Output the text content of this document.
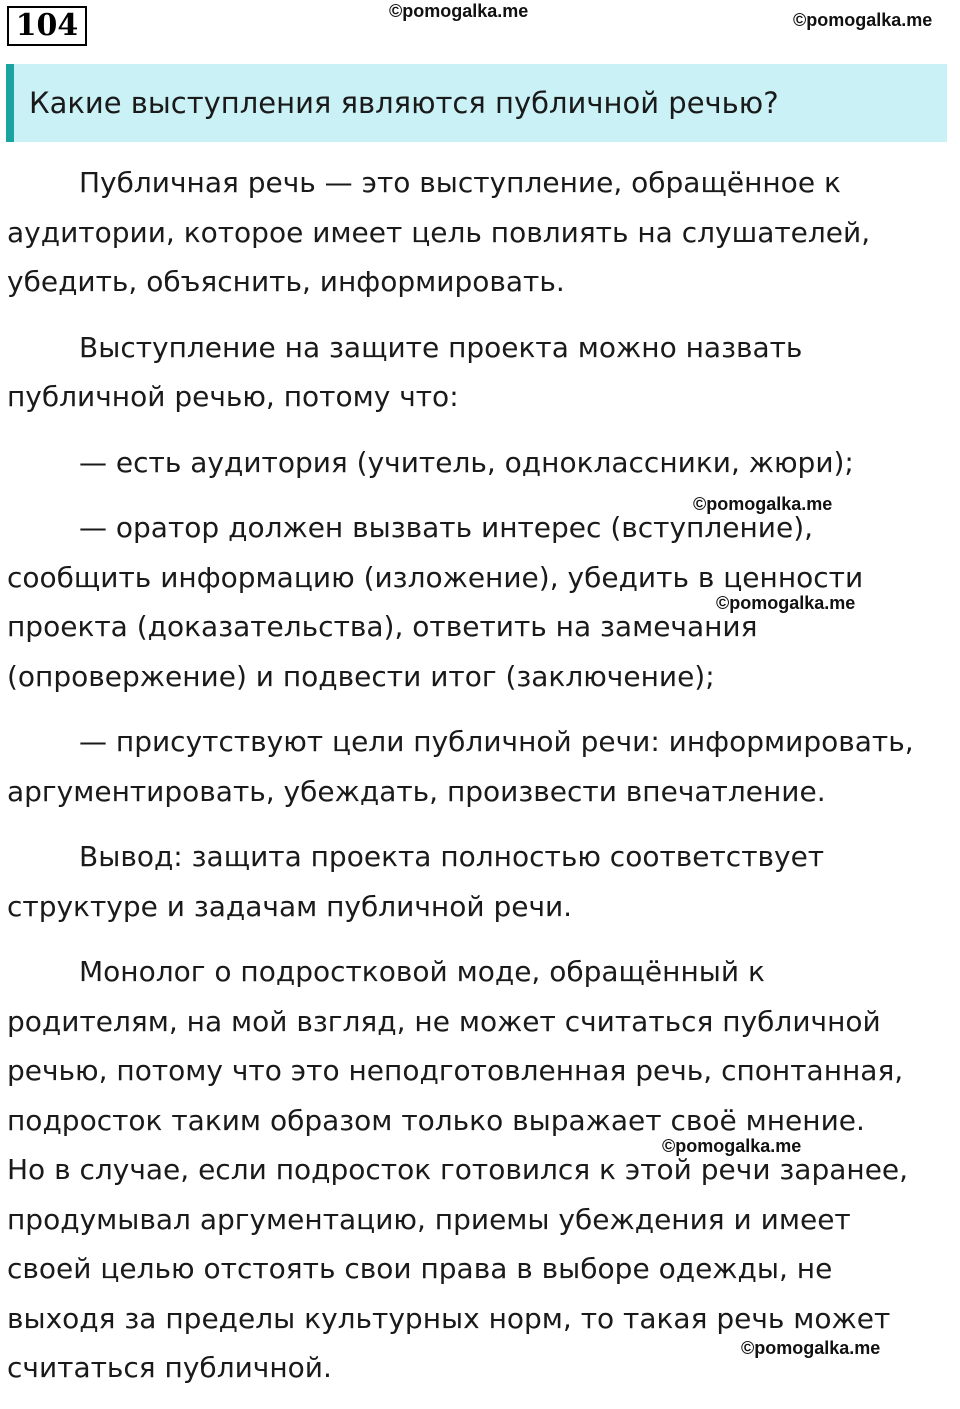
104	©pomogalka.me	©pomogalka.me
Какие выступления являются публичной речью?

Публичная речь — это выступление, обращённое к
аудитории, которое имеет цель повлиять на слушателей,
убедить, объяснить, информировать.

Выступление на защите проекта можно назвать
публичной речью, потому что:

— есть аудитория (учитель, одноклассники, жюри);

— оратор должен вызвать интерес (вступление),
сообщить информацию (изложение), убедить в ценности
проекта (доказательства), ответить на замечания
(опровержение) и подвести итог (заключение);

— присутствуют цели публичной речи: информировать,
аргументировать, убеждать, произвести впечатление.

Вывод: защита проекта полностью соответствует
структуре и задачам публичной речи.

Монолог о подростковой моде, обращённый к
родителям, на мой взгляд, не может считаться публичной
речью, потому что это неподготовленная речь, спонтанная,
подросток таким образом только выражает своё мнение.
Но в случае, если подросток готовился к этой речи заранее,
продумывал аргументацию, приемы убеждения и имеет
своей целью отстоять свои права в выборе одежды, не
выходя за пределы культурных норм, то такая речь может
считаться публичной.

©pomogalka.me
©pomogalka.me
©pomogalka.me
©pomogalka.me
